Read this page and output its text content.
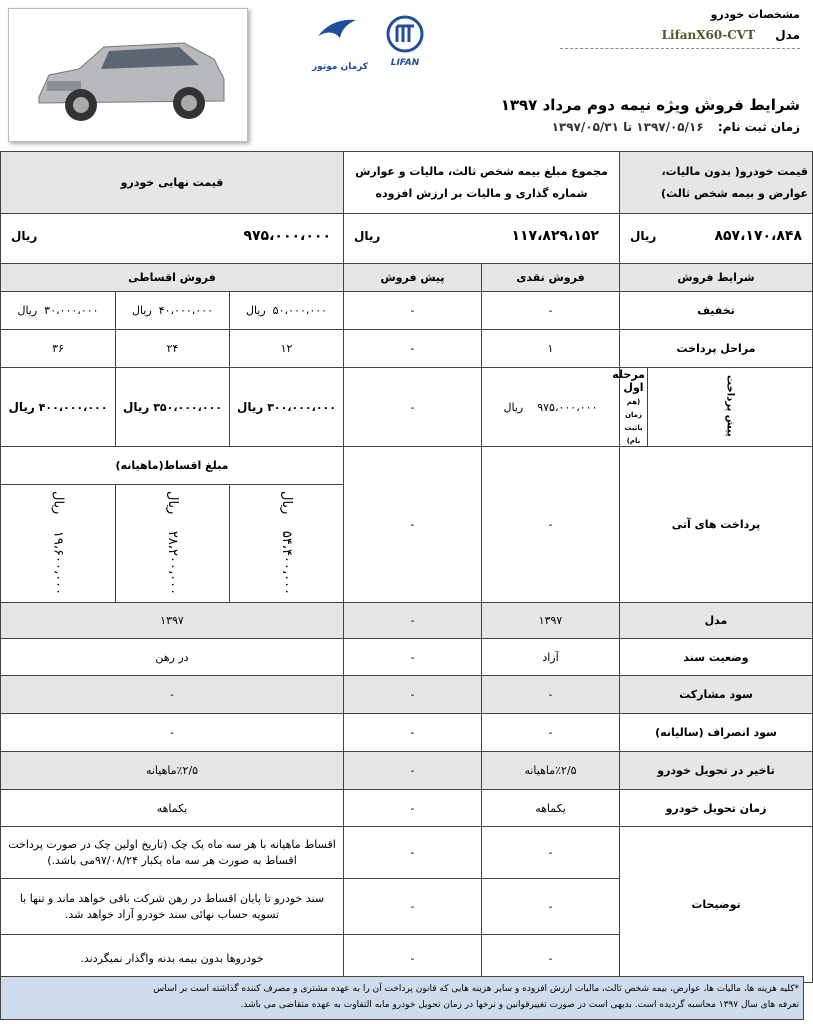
کرمان موتور	LIFAN
مشخصات خودرو
مدل LifanX60-CVT
شرایط فروش ویژه نیمه دوم مرداد ۱۳۹۷
زمان ثبت نام: ۱۳۹۷/۰۵/۱۶ تا ۱۳۹۷/۰۵/۳۱
قیمت نهایی خودرو			مجموع مبلغ بیمه شخص ثالث، مالیات و عوارش شماره گذاری و مالیات بر ارزش افزوده		قیمت خودرو( بدون مالیات، عوارض و بیمه شخص ثالث)	

ریال ۹۷۵،۰۰۰،۰۰۰			ریال ۱۱۷،۸۲۹،۱۵۲		ریال ۸۵۷،۱۷۰،۸۴۸	

فروش اقساطی			پیش فروش	فروش نقدی	شرایط فروش	
۳۰،۰۰۰،۰۰۰  ریال	۴۰،۰۰۰،۰۰۰  ریال	۵۰،۰۰۰،۰۰۰  ریال	-	-	تخفیف	
۳۶	۲۴	۱۲	-	۱	مراحل پرداخت	
۴۰۰،۰۰۰،۰۰۰ ریال	۳۵۰،۰۰۰،۰۰۰ ریال	۳۰۰،۰۰۰،۰۰۰ ریال	-	۹۷۵،۰۰۰،۰۰۰    ریال	مرحله اول (هم زمان باثبت نام)	پیش پرداخت
مبلغ اقساط(ماهیانه)			-	-	پرداخت های آتی	

۱۹،۶۰۰،۰۰۰    ریال	۲۸،۲۰۰،۰۰۰    ریال	۵۴،۴۰۰،۰۰۰    ریال				

۱۳۹۷			-	۱۳۹۷	مدل	
در رهن			-	آزاد	وضعیت سند	
-			-	-	سود مشارکت	
-			-	-	سود انصراف (سالیانه)	
٪۲/۵ماهیانه			-	٪۲/۵ماهیانه	تاخیر در تحویل خودرو	
یکماهه			-	یکماهه	زمان تحویل خودرو	
اقساط ماهیانه با هر سه ماه یک چک (تاریخ اولین چک در صورت پرداخت اقساط به صورت هر سه ماه یکبار ۹۷/۰۸/۲۴می باشد.)			-	-	توضیحات	
سند خودرو تا پایان اقساط در رهن شرکت باقی خواهد ماند و تنها با تسویه حساب نهائی سند خودرو آزاد خواهد شد.			-	-		
خودروها بدون بیمه بدنه واگذار نمیگردند.			-	-		
*کلیه هزینه ها، مالیات ها، عوارض، بیمه شخص ثالث، مالیات ارزش افزوده و سایر هزینه هایی که قانون پرداخت آن را به عهده مشتری و مصرف کننده گذاشته است بر اساس
تعرفه های سال ۱۳۹۷ محاسبه گردیده است. بدیهی است در صورت تغییرقوانین و نرخها در زمان تحویل خودرو مابه التفاوت به عهده متقاضی می باشد.
